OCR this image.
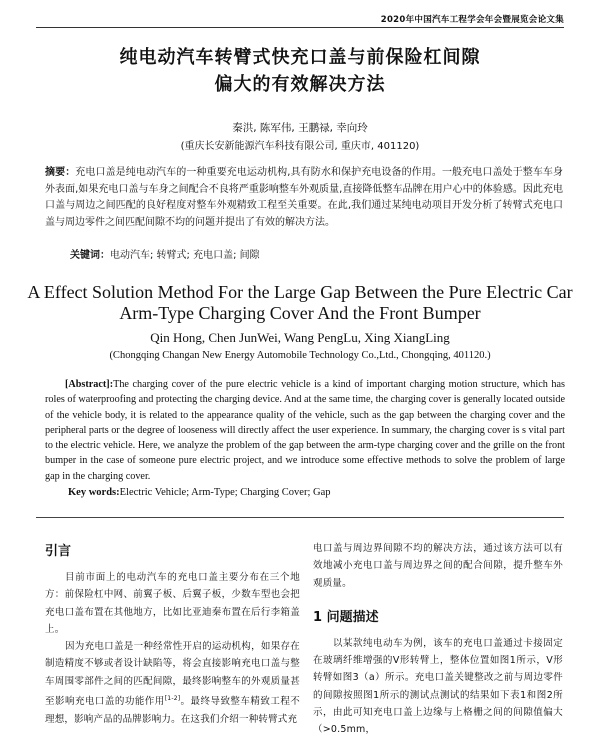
2020年中国汽车工程学会年会暨展览会论文集
纯电动汽车转臂式快充口盖与前保险杠间隙
偏大的有效解决方法
秦洪, 陈军伟, 王鹏禄, 幸向玲
(重庆长安新能源汽车科技有限公司, 重庆市, 401120)
摘要：充电口盖是纯电动汽车的一种重要充电运动机构,具有防水和保护充电设备的作用。一般充电口盖处于整车车身外表面,如果充电口盖与车身之间配合不良将严重影响整车外观质量,直接降低整车品牌在用户心中的体验感。因此充电口盖与周边之间匹配的良好程度对整车外观精致工程至关重要。在此,我们通过某纯电动项目开发分析了转臂式充电口盖与周边零件之间匹配间隙不均的问题并提出了有效的解决方法。
关键词：电动汽车; 转臂式; 充电口盖; 间隙
A Effect Solution Method For the Large Gap Between the Pure Electric Car
Arm-Type Charging Cover And the Front Bumper
Qin Hong, Chen JunWei, Wang PengLu, Xing XiangLing
(Chongqing Changan New Energy Automobile Technology Co.,Ltd., Chongqing, 401120.)
[Abstract]:The charging cover of the pure electric vehicle is a kind of important charging motion structure, which has roles of waterproofing and protecting the charging device. And at the same time, the charging cover is generally located outside of the vehicle body, it is related to the appearance quality of the vehicle, such as the gap between the charging cover and the peripheral parts or the degree of looseness will directly affect the user experience. In summary, the charging cover is s vital part to the electric vehicle. Here, we analyze the problem of the gap between the arm-type charging cover and the grille on the front bumper in the case of someone pure electric project, and we introduce some effective methods to solve the problem of large gap in the charging cover.
Key words:Electric Vehicle; Arm-Type; Charging Cover; Gap
引言

目前市面上的电动汽车的充电口盖主要分布在三个地方：前保险杠中网、前翼子板、后翼子板，少数车型也会把充电口盖布置在其他地方，比如比亚迪秦布置在后行李箱盖上。

因为充电口盖是一种经常性开启的运动机构，如果存在制造精度不够或者设计缺陷等，将会直接影响充电口盖与整车周围零部件之间的匹配间隙，最终影响整车的外观质量甚至影响充电口盖的功能作用[1-2]。最终导致整车精致工程不理想，影响产品的品牌影响力。在这我们介绍一种转臂式充

电口盖与周边界间隙不均的解决方法，通过该方法可以有效地减小充电口盖与周边界之间的配合间隙，提升整车外观质量。

1 问题描述

以某款纯电动车为例，该车的充电口盖通过卡接固定在玻璃纤维增强的V形转臂上，整体位置如图1所示，V形转臂如图3（a）所示。充电口盖关键整改之前与周边零件的间隙按照图1所示的测试点测试的结果如下表1和图2所示，由此可知充电口盖上边缘与上格栅之间的间隙值偏大（>0.5mm，
